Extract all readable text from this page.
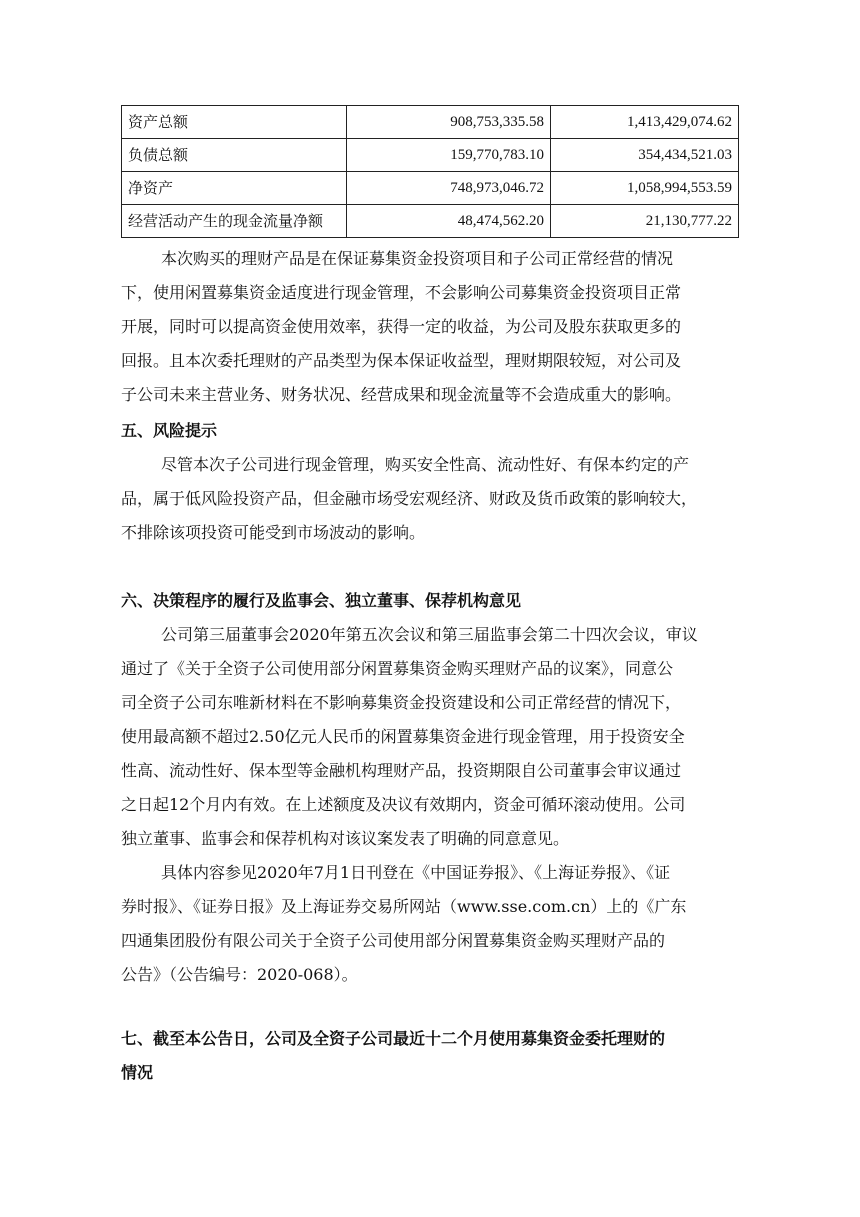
资产总额	908,753,335.58	1,413,429,074.62
负债总额	159,770,783.10	354,434,521.03
净资产	748,973,046.72	1,058,994,553.59
经营活动产生的现金流量净额	48,474,562.20	21,130,777.22
本次购买的理财产品是在保证募集资金投资项目和子公司正常经营的情况
下，使用闲置募集资金适度进行现金管理，不会影响公司募集资金投资项目正常
开展，同时可以提高资金使用效率，获得一定的收益，为公司及股东获取更多的
回报。且本次委托理财的产品类型为保本保证收益型，理财期限较短，对公司及
子公司未来主营业务、财务状况、经营成果和现金流量等不会造成重大的影响。
五、风险提示
尽管本次子公司进行现金管理，购买安全性高、流动性好、有保本约定的产
品，属于低风险投资产品，但金融市场受宏观经济、财政及货币政策的影响较大，
不排除该项投资可能受到市场波动的影响。
六、决策程序的履行及监事会、独立董事、保荐机构意见
公司第三届董事会2020年第五次会议和第三届监事会第二十四次会议，审议
通过了《关于全资子公司使用部分闲置募集资金购买理财产品的议案》，同意公
司全资子公司东唯新材料在不影响募集资金投资建设和公司正常经营的情况下，
使用最高额不超过2.50亿元人民币的闲置募集资金进行现金管理，用于投资安全
性高、流动性好、保本型等金融机构理财产品，投资期限自公司董事会审议通过
之日起12个月内有效。在上述额度及决议有效期内，资金可循环滚动使用。公司
独立董事、监事会和保荐机构对该议案发表了明确的同意意见。
具体内容参见2020年7月1日刊登在《中国证券报》、《上海证券报》、《证
券时报》、《证券日报》及上海证券交易所网站（www.sse.com.cn）上的《广东
四通集团股份有限公司关于全资子公司使用部分闲置募集资金购买理财产品的
公告》（公告编号：2020-068）。
七、截至本公告日，公司及全资子公司最近十二个月使用募集资金委托理财的
情况
